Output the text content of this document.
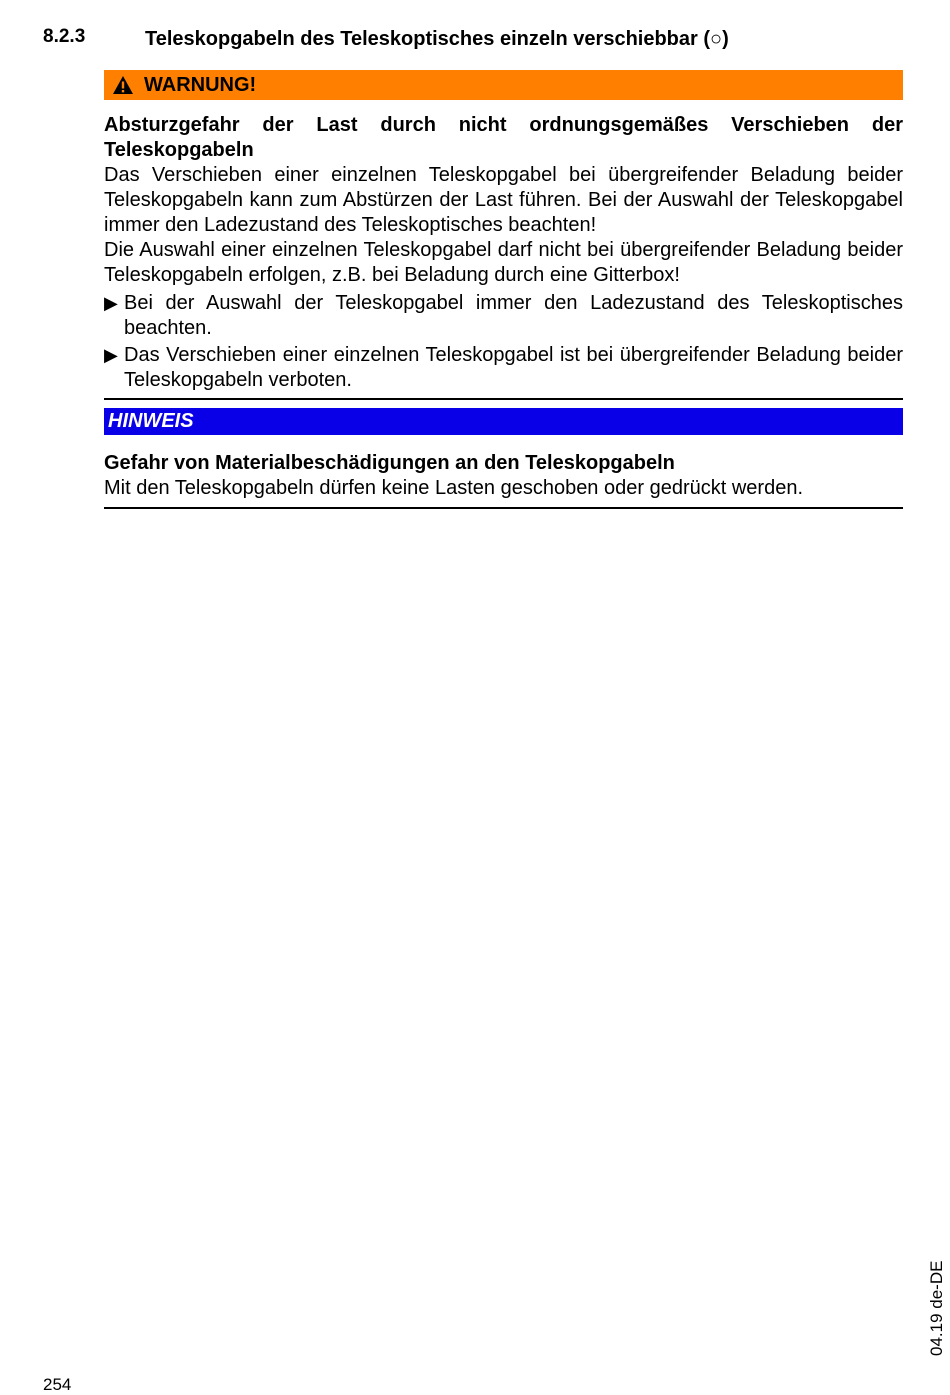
8.2.3	Teleskopgabeln des Teleskoptisches einzeln verschiebbar (○)
WARNUNG!
Absturzgefahr der Last durch nicht ordnungsgemäßes Verschieben der Teleskopgabeln
Das Verschieben einer einzelnen Teleskopgabel bei übergreifender Beladung beider Teleskopgabeln kann zum Abstürzen der Last führen. Bei der Auswahl der Teleskopgabel immer den Ladezustand des Teleskoptisches beachten!
Die Auswahl einer einzelnen Teleskopgabel darf nicht bei übergreifender Beladung beider Teleskopgabeln erfolgen, z.B. bei Beladung durch eine Gitterbox!
▶ Bei der Auswahl der Teleskopgabel immer den Ladezustand des Teleskoptisches beachten.
▶ Das Verschieben einer einzelnen Teleskopgabel ist bei übergreifender Beladung beider Teleskopgabeln verboten.
HINWEIS
Gefahr von Materialbeschädigungen an den Teleskopgabeln
Mit den Teleskopgabeln dürfen keine Lasten geschoben oder gedrückt werden.
254
04.19 de-DE
